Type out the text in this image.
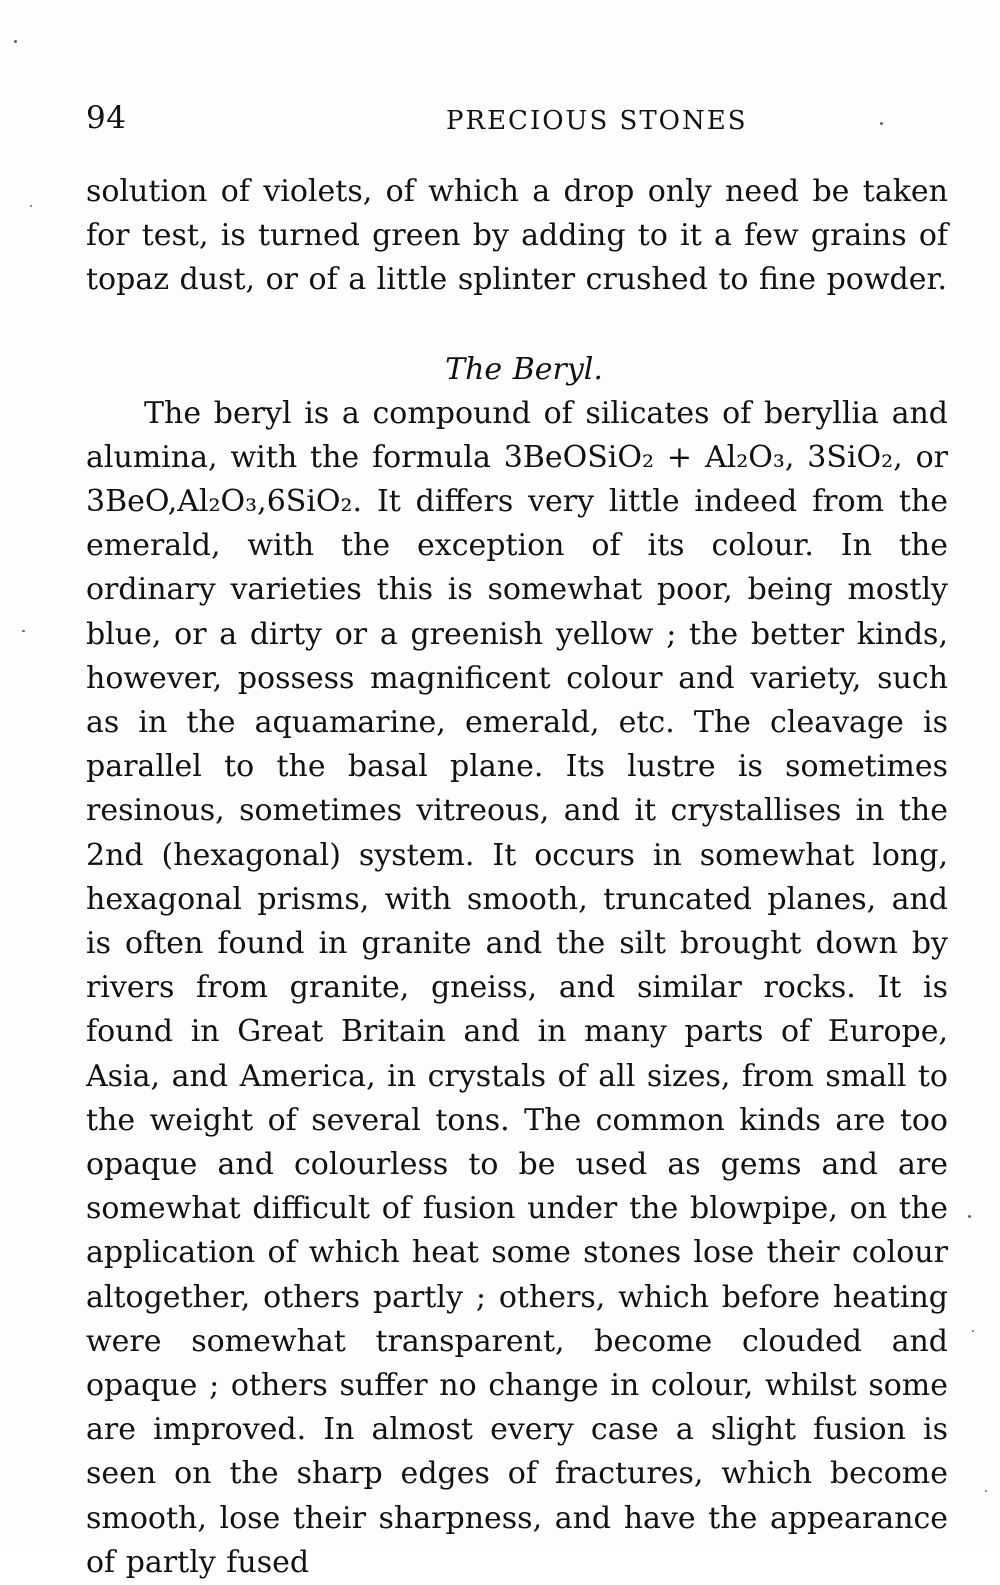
94	PRECIOUS STONES

solution of violets, of which a drop only need be taken for test, is turned green by adding to it a few grains of topaz dust, or of a little splinter crushed to fine powder.

The Beryl.

The beryl is a compound of silicates of beryllia and alumina, with the formula 3BeOSiO₂ + Al₂O₃, 3SiO₂, or 3BeO,Al₂O₃,6SiO₂. It differs very little indeed from the emerald, with the exception of its colour. In the ordinary varieties this is somewhat poor, being mostly blue, or a dirty or a greenish yellow ; the better kinds, however, possess magnificent colour and variety, such as in the aquamarine, emerald, etc. The cleavage is parallel to the basal plane. Its lustre is sometimes resinous, sometimes vitreous, and it crystallises in the 2nd (hexagonal) system. It occurs in somewhat long, hexagonal prisms, with smooth, truncated planes, and is often found in granite and the silt brought down by rivers from granite, gneiss, and similar rocks. It is found in Great Britain and in many parts of Europe, Asia, and America, in crystals of all sizes, from small to the weight of several tons. The common kinds are too opaque and colourless to be used as gems and are somewhat difficult of fusion under the blowpipe, on the application of which heat some stones lose their colour altogether, others partly ; others, which before heating were somewhat transparent, become clouded and opaque ; others suffer no change in colour, whilst some are improved. In almost every case a slight fusion is seen on the sharp edges of fractures, which become smooth, lose their sharpness, and have the appearance of partly fused
